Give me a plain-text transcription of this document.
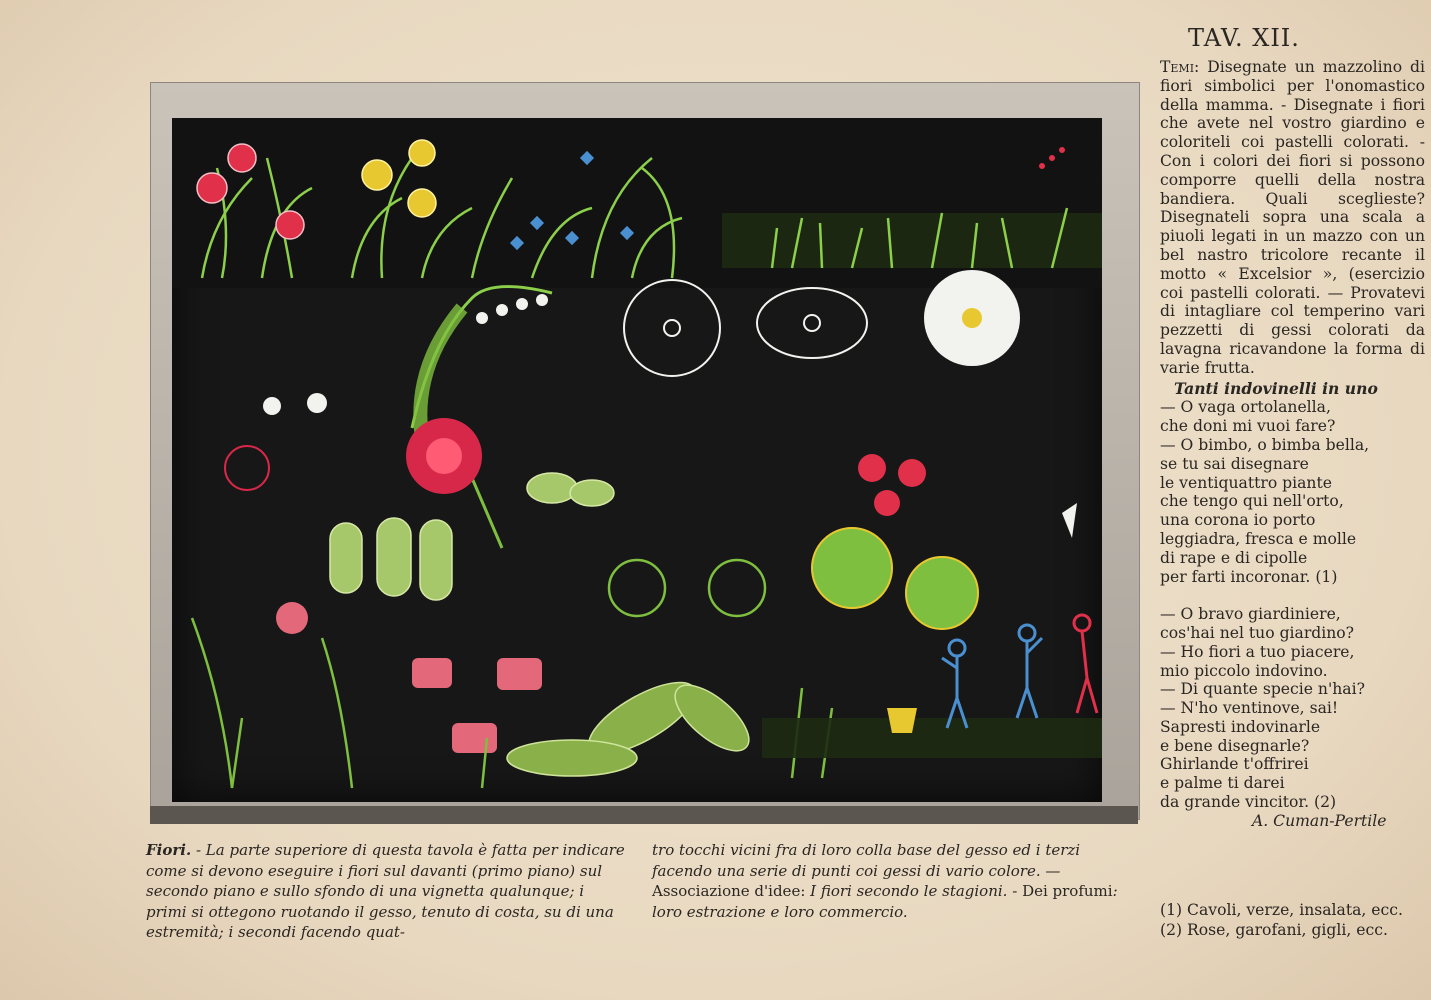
TAV. XII.

Temi: Disegnate un mazzolino di fiori simbolici per l'onomastico della mamma. - Disegnate i fiori che avete nel vostro giardino e coloriteli coi pastelli colorati. - Con i colori dei fiori si possono comporre quelli della nostra bandiera. Quali sceglieste? Disegnateli sopra una scala a piuoli legati in un mazzo con un bel nastro tricolore recante il motto « Excelsior », (esercizio coi pastelli colorati. — Provatevi di intagliare col temperino vari pezzetti di gessi colorati da lavagna ricavandone la forma di varie frutta.

Tanti indovinelli in uno
— O vaga ortolanella,
che doni mi vuoi fare?
— O bimbo, o bimba bella,
se tu sai disegnare
le ventiquattro piante
che tengo qui nell'orto,
una corona io porto
leggiadra, fresca e molle
di rape e di cipolle
per farti incoronar. (1)

— O bravo giardiniere,
cos'hai nel tuo giardino?
— Ho fiori a tuo piacere,
mio piccolo indovino.
— Di quante specie n'hai?
— N'ho ventinove, sai!
Sapresti indovinarle
e bene disegnarle?
Ghirlande t'offrirei
e palme ti darei
da grande vincitor. (2)
A. Cuman-Pertile
(1) Cavoli, verze, insalata, ecc.
(2) Rose, garofani, gigli, ecc.
Fiori. - La parte superiore di questa tavola è fatta per indicare come si devono eseguire i fiori sul davanti (primo piano) sul secondo piano e sullo sfondo di una vignetta qualunque; i primi si ottegono ruotando il gesso, tenuto di costa, su di una estremità; i secondi facendo quat-
tro tocchi vicini fra di loro colla base del gesso ed i terzi facendo una serie di punti coi gessi di vario colore. —
Associazione d'idee: I fiori secondo le stagioni. - Dei profumi: loro estrazione e loro commercio.
